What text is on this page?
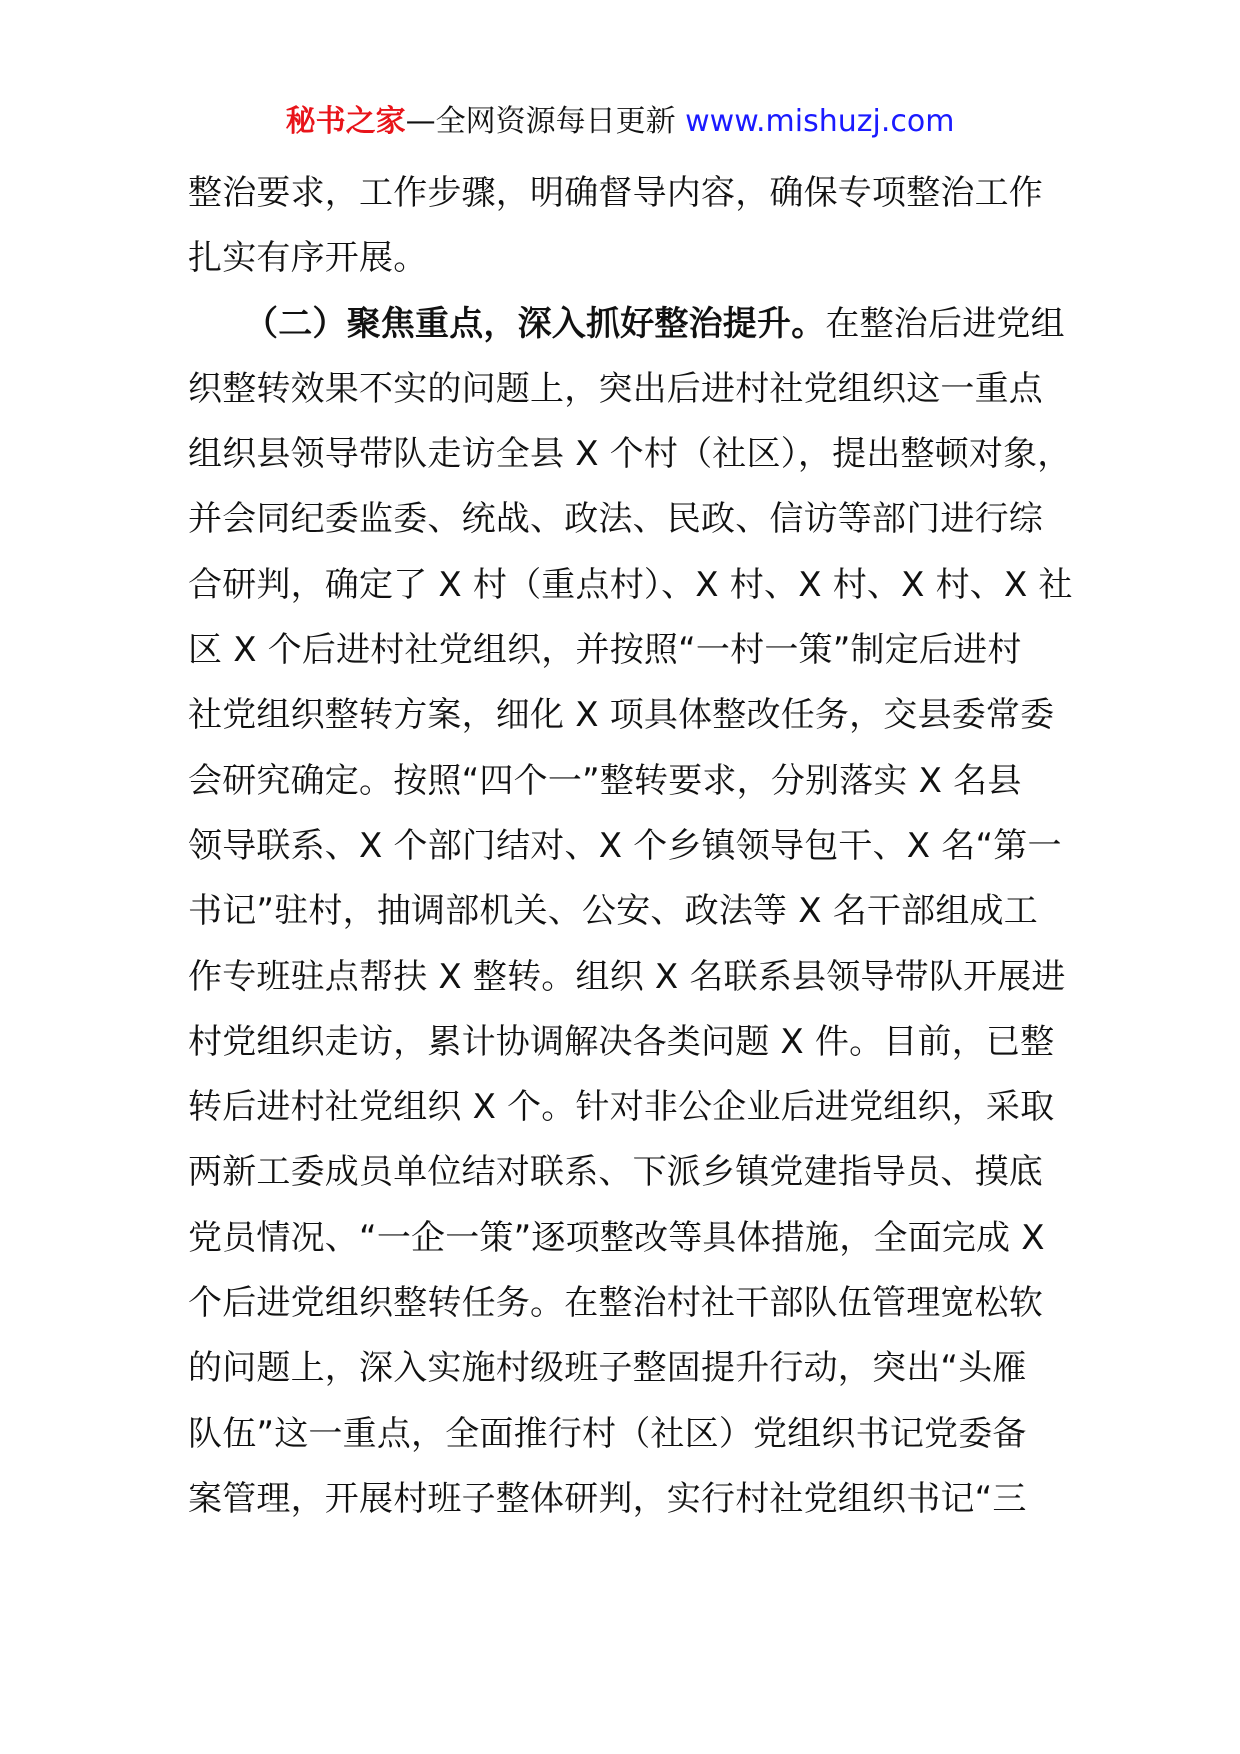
秘书之家—全网资源每日更新 www.mishuzj.com
整治要求，工作步骤，明确督导内容，确保专项整治工作
扎实有序开展。
（二）聚焦重点，深入抓好整治提升。在整治后进党组
织整转效果不实的问题上，突出后进村社党组织这一重点
组织县领导带队走访全县 X 个村（社区），提出整顿对象，
并会同纪委监委、统战、政法、民政、信访等部门进行综
合研判，确定了 X 村（重点村）、X 村、X 村、X 村、X 社
区 X 个后进村社党组织，并按照“一村一策”制定后进村
社党组织整转方案，细化 X 项具体整改任务，交县委常委
会研究确定。按照“四个一”整转要求，分别落实 X 名县
领导联系、X 个部门结对、X 个乡镇领导包干、X 名“第一
书记”驻村，抽调部机关、公安、政法等 X 名干部组成工
作专班驻点帮扶 X 整转。组织 X 名联系县领导带队开展进
村党组织走访，累计协调解决各类问题 X 件。目前，已整
转后进村社党组织 X 个。针对非公企业后进党组织，采取
两新工委成员单位结对联系、下派乡镇党建指导员、摸底
党员情况、“一企一策”逐项整改等具体措施，全面完成 X
个后进党组织整转任务。在整治村社干部队伍管理宽松软
的问题上，深入实施村级班子整固提升行动，突出“头雁
队伍”这一重点，全面推行村（社区）党组织书记党委备
案管理，开展村班子整体研判，实行村社党组织书记“三
